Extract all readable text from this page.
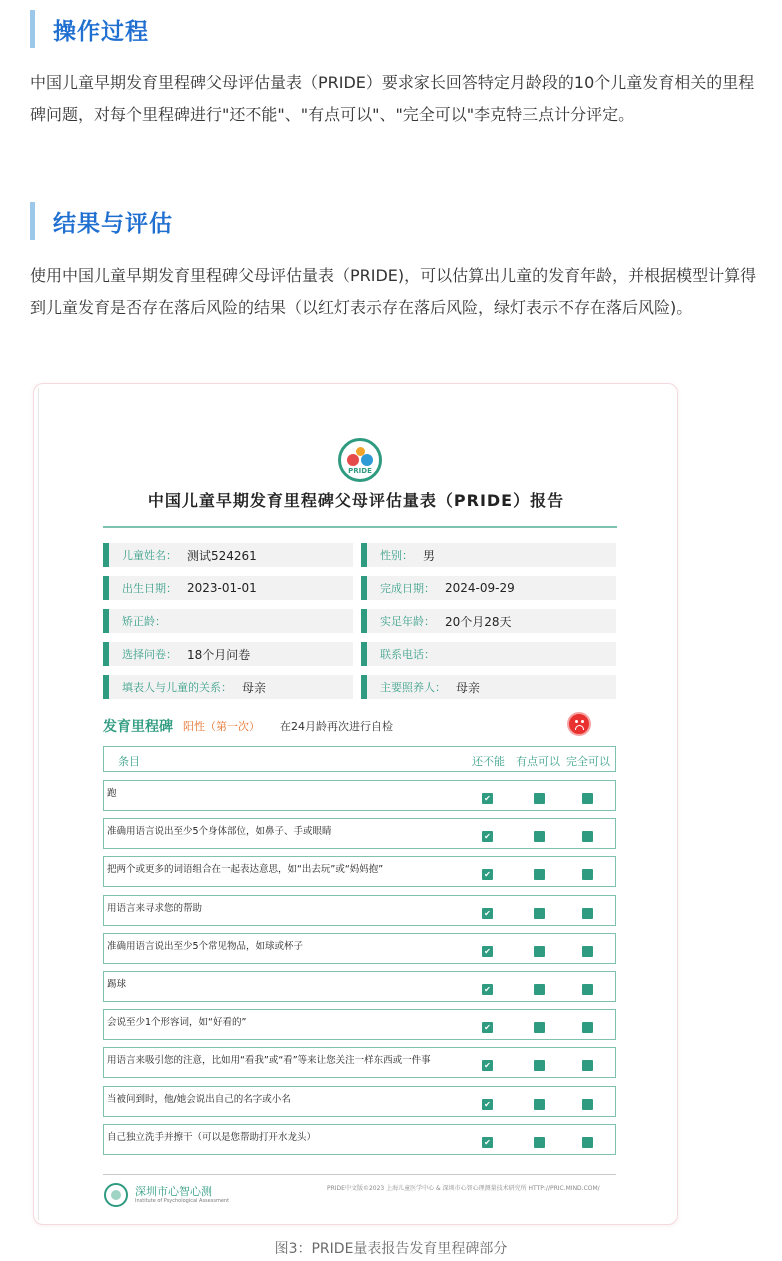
操作过程
中国儿童早期发育里程碑父母评估量表（PRIDE）要求家长回答特定月龄段的10个儿童发育相关的里程碑问题，对每个里程碑进行"还不能"、"有点可以"、"完全可以"李克特三点计分评定。
结果与评估
使用中国儿童早期发育里程碑父母评估量表（PRIDE)，可以估算出儿童的发育年龄，并根据模型计算得到儿童发育是否存在落后风险的结果（以红灯表示存在落后风险，绿灯表示不存在落后风险)。
PRIDE
中国儿童早期发育里程碑父母评估量表（PRIDE）报告
儿童姓名： 测试524261	性别： 男
出生日期： 2023-01-01	完成日期： 2024-09-29
矫正龄：	实足年龄： 20个月28天
选择问卷： 18个月问卷	联系电话：
填表人与儿童的关系： 母亲	主要照养人： 母亲
发育里程碑 阳性（第一次） 在24月龄再次进行自检
条目	还不能 有点可以 完全可以
跑	✔
准确用语言说出至少5个身体部位，如鼻子、手或眼睛	✔
把两个或更多的词语组合在一起表达意思，如“出去玩”或“妈妈抱”	✔
用语言来寻求您的帮助	✔
准确用语言说出至少5个常见物品，如球或杯子	✔
踢球	✔
会说至少1个形容词，如“好看的”	✔
用语言来吸引您的注意，比如用“看我”或“看”等来让您关注一样东西或一件事	✔
当被问到时，他/她会说出自己的名字或小名	✔
自己独立洗手并擦干（可以是您帮助打开水龙头）	✔
深圳市心智心测
Institute of Psychological Assessment
PRIDE中文版©2023 上海儿童医学中心 & 深圳市心智心理测量技术研究所 HTTP://PRIC.MIND.COM/
图3：PRIDE量表报告发育里程碑部分
